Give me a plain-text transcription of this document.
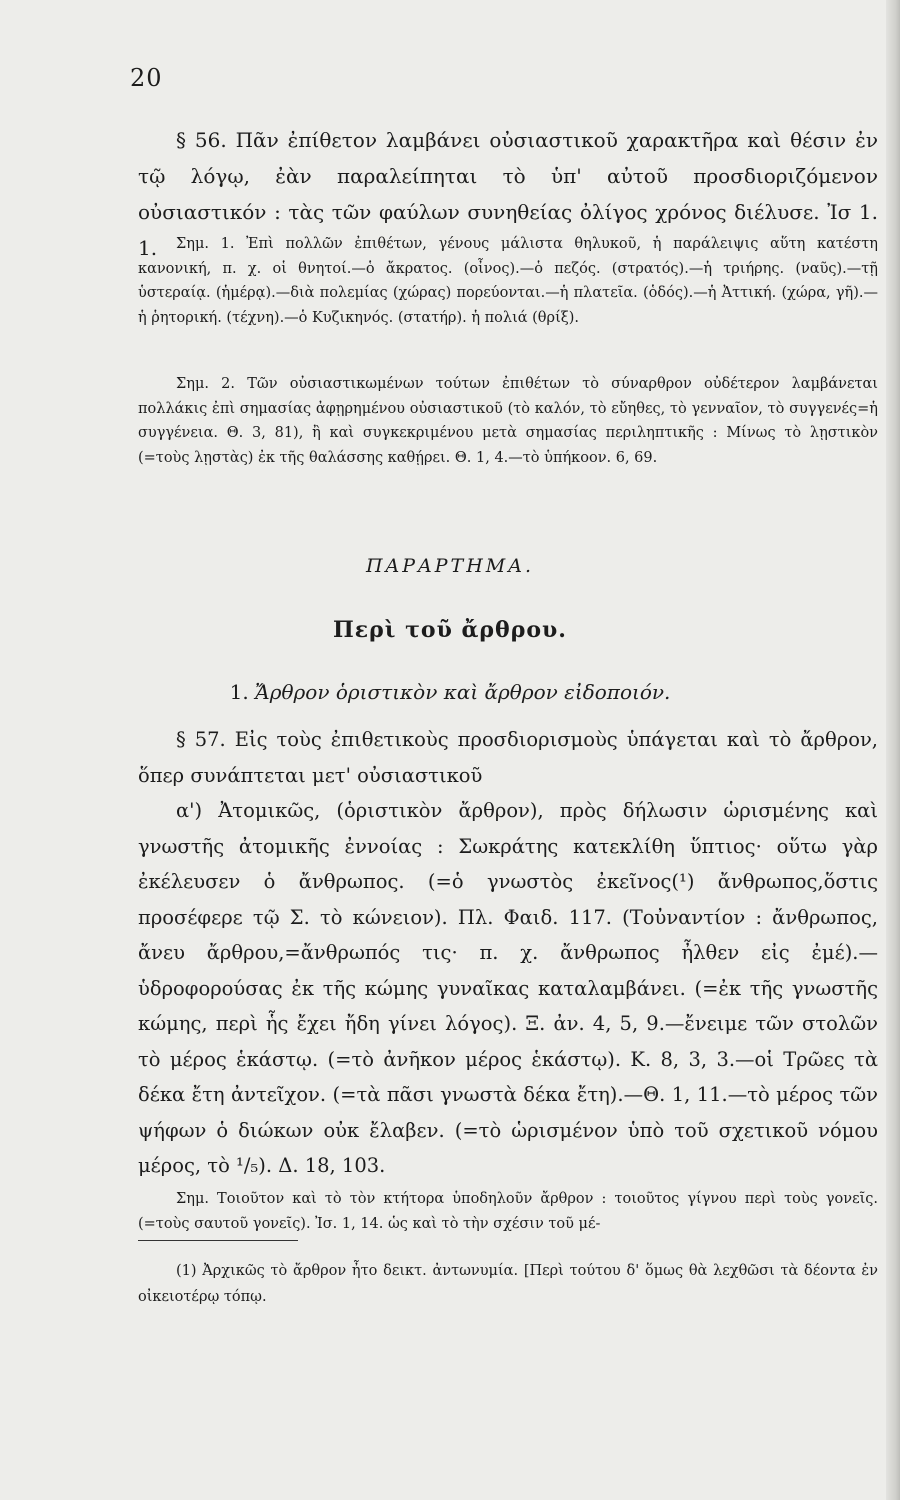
20

§ 56. Πᾶν ἐπίθετον λαμβάνει οὐσιαστικοῦ χαρακτῆρα καὶ θέσιν ἐν τῷ λόγῳ, ἐὰν παραλείπηται τὸ ὑπ' αὐτοῦ προσδιοριζόμενον οὐσιαστικόν : τὰς τῶν φαύλων συνηθείας ὀλίγος χρόνος διέλυσε. Ἰσ 1. 1.	Σημ. 1. Ἐπὶ πολλῶν ἐπιθέτων, γένους μάλιστα θηλυκοῦ, ἡ παράλειψις αὕτη κατέστη κανονική, π. χ. οἱ θνητοί.—ὁ ἄκρατος. (οἶνος).—ὁ πεζός. (στρατός).—ἡ τριήρης. (ναῦς).—τῇ ὑστεραίᾳ. (ἡμέρᾳ).—διὰ πολεμίας (χώρας) πορεύονται.—ἡ πλατεῖα. (ὁδός).—ἡ Ἀττική. (χώρα, γῆ).—ἡ ῥητορική. (τέχνη).—ὁ Κυζικηνός. (στατήρ). ἡ πολιά (θρίξ).

Σημ. 2. Τῶν οὐσιαστικωμένων τούτων ἐπιθέτων τὸ σύναρθρον οὐδέτερον λαμβάνεται πολλάκις ἐπὶ σημασίας ἀφῃρημένου οὐσιαστικοῦ (τὸ καλόν, τὸ εὔηθες, τὸ γενναῖον, τὸ συγγενές=ἡ συγγένεια. Θ. 3, 81), ἢ καὶ συγκεκριμένου μετὰ σημασίας περιληπτικῆς : Μίνως τὸ λῃστικὸν (=τοὺς λῃστὰς) ἐκ τῆς θαλάσσης καθῄρει. Θ. 1, 4.—τὸ ὑπήκοον. 6, 69.

ΠΑΡΑΡΤΗΜΑ.
Περὶ τοῦ ἄρθρου.
1. Ἄρθρον ὁριστικὸν καὶ ἄρθρον εἰδοποιόν.

§ 57. Εἰς τοὺς ἐπιθετικοὺς προσδιορισμοὺς ὑπάγεται καὶ τὸ ἄρθρον, ὅπερ συνάπτεται μετ' οὐσιαστικοῦ

α') Ἀτομικῶς, (ὁριστικὸν ἄρθρον), πρὸς δήλωσιν ὡρισμένης καὶ γνωστῆς ἀτομικῆς ἐννοίας : Σωκράτης κατεκλίθη ὕπτιος· οὕτω γὰρ ἐκέλευσεν ὁ ἄνθρωπος. (=ὁ γνωστὸς ἐκεῖνος(¹) ἄνθρωπος,ὅστις προσέφερε τῷ Σ. τὸ κώνειον). Πλ. Φαιδ. 117. (Τοὐναντίον : ἄνθρωπος, ἄνευ ἄρθρου,=ἄνθρωπός τις· π. χ. ἄνθρωπος ἦλθεν εἰς ἐμέ).—ὑδροφορούσας ἐκ τῆς κώμης γυναῖκας καταλαμβάνει. (=ἐκ τῆς γνωστῆς κώμης, περὶ ἧς ἔχει ἤδη γίνει λόγος). Ξ. ἀν. 4, 5, 9.—ἔνειμε τῶν στολῶν τὸ μέρος ἑκάστῳ. (=τὸ ἀνῆκον μέρος ἑκάστῳ). Κ. 8, 3, 3.—οἱ Τρῶες τὰ δέκα ἔτη ἀντεῖχον. (=τὰ πᾶσι γνωστὰ δέκα ἔτη).—Θ. 1, 11.—τὸ μέρος τῶν ψήφων ὁ διώκων οὐκ ἔλαβεν. (=τὸ ὡρισμένον ὑπὸ τοῦ σχετικοῦ νόμου μέρος, τὸ ¹/₅). Δ. 18, 103.

Σημ. Τοιοῦτον καὶ τὸ τὸν κτήτορα ὑποδηλοῦν ἄρθρον : τοιοῦτος γίγνου περὶ τοὺς γονεῖς. (=τοὺς σαυτοῦ γονεῖς). Ἰσ. 1, 14. ὡς καὶ τὸ τὴν σχέσιν τοῦ μέ-

(1) Ἀρχικῶς τὸ ἄρθρον ἦτο δεικτ. ἀντωνυμία. [Περὶ τούτου δ' ὅμως θὰ λεχθῶσι τὰ δέοντα ἐν οἰκειοτέρῳ τόπῳ.
